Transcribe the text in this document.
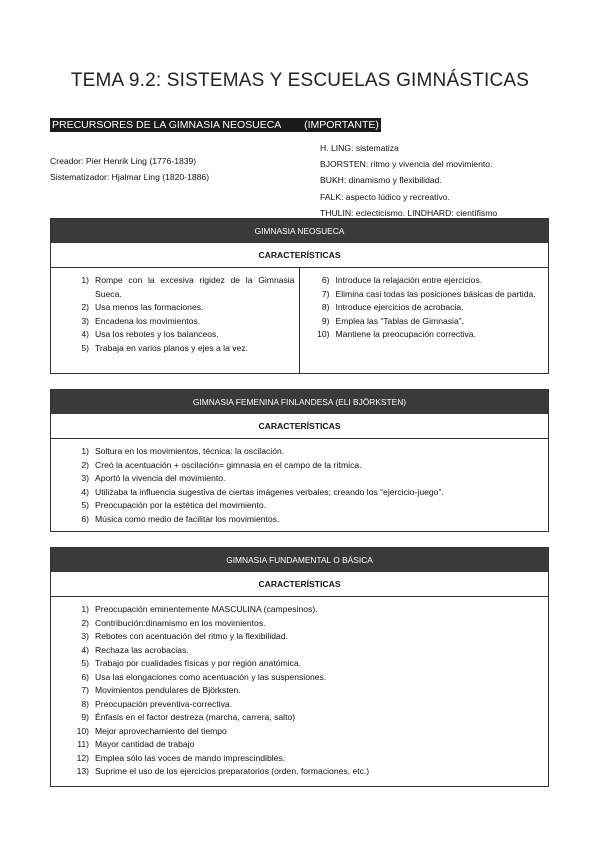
TEMA 9.2: SISTEMAS Y ESCUELAS GIMNÁSTICAS
PRECURSORES DE LA GIMNASIA NEOSUECA        (IMPORTANTE)
Creador: Pier Henrik Ling (1776-1839)
Sistematizador: Hjalmar Ling (1820-1886)
H. LING: sistematiza
BJORSTEN: ritmo y vivencia del movimiento.
BUKH: dinamismo y flexibilidad.
FALK: aspecto lúdico y recreativo.
THULIN: eclecticismo. LINDHARD: científismo
GIMNASIA NEOSUECA
CARACTERÍSTICAS
1) Rompe con la excesiva rigidez de la Gimnasia Sueca.
2) Usa menos las formaciones.
3) Encadena los movimientos.
4) Usa los rebotes y los balanceos.
5) Trabaja en varios planos y ejes a la vez.
6) Introduce la relajación entre ejercicios.
7) Elimina casi todas las posiciones básicas de partida.
8) Introduce ejercicios de acrobacia.
9) Emplea las “Tablas de Gimnasia”.
10) Mantiene la preocupación correctiva.
GIMNASIA FEMENINA FINLANDESA (ELI BJÖRKSTEN)
CARACTERÍSTICAS
1) Soltura en los movimientos, técnica: la oscilación.
2) Creó la acentuación + oscilación= gimnasia en el campo de la rítmica.
3) Aportó la vivencia del movimiento.
4) Utilizaba la influencia sugestiva de ciertas imágenes verbales; creando los “ejercicio-juego”.
5) Preocupación por la estética del movimiento.
6) Música como medio de facilitar los movimientos.
GIMNASIA FUNDAMENTAL O BÁSICA
CARACTERÍSTICAS
1) Preocupación eminentemente MASCULINA (campesinos).
2) Contribución:dinamismo en los movimientos.
3) Rebotes con acentuación del ritmo y la flexibilidad.
4) Rechaza las acrobacias.
5) Trabajo por cualidades físicas y por región anatómica.
6) Usa las elongaciones como acentuación y las suspensiones.
7) Movimientos pendulares de Björksten.
8) Preocupación preventiva-correctiva.
9) Énfasis en el factor destreza (marcha, carrera, salto)
10) Mejor aprovechamiento del tiempo
11) Mayor cantidad de trabajo
12) Emplea sólo las voces de mando imprescindibles.
13) Suprime el uso de los ejercicios preparatorios (orden, formaciones, etc.)
